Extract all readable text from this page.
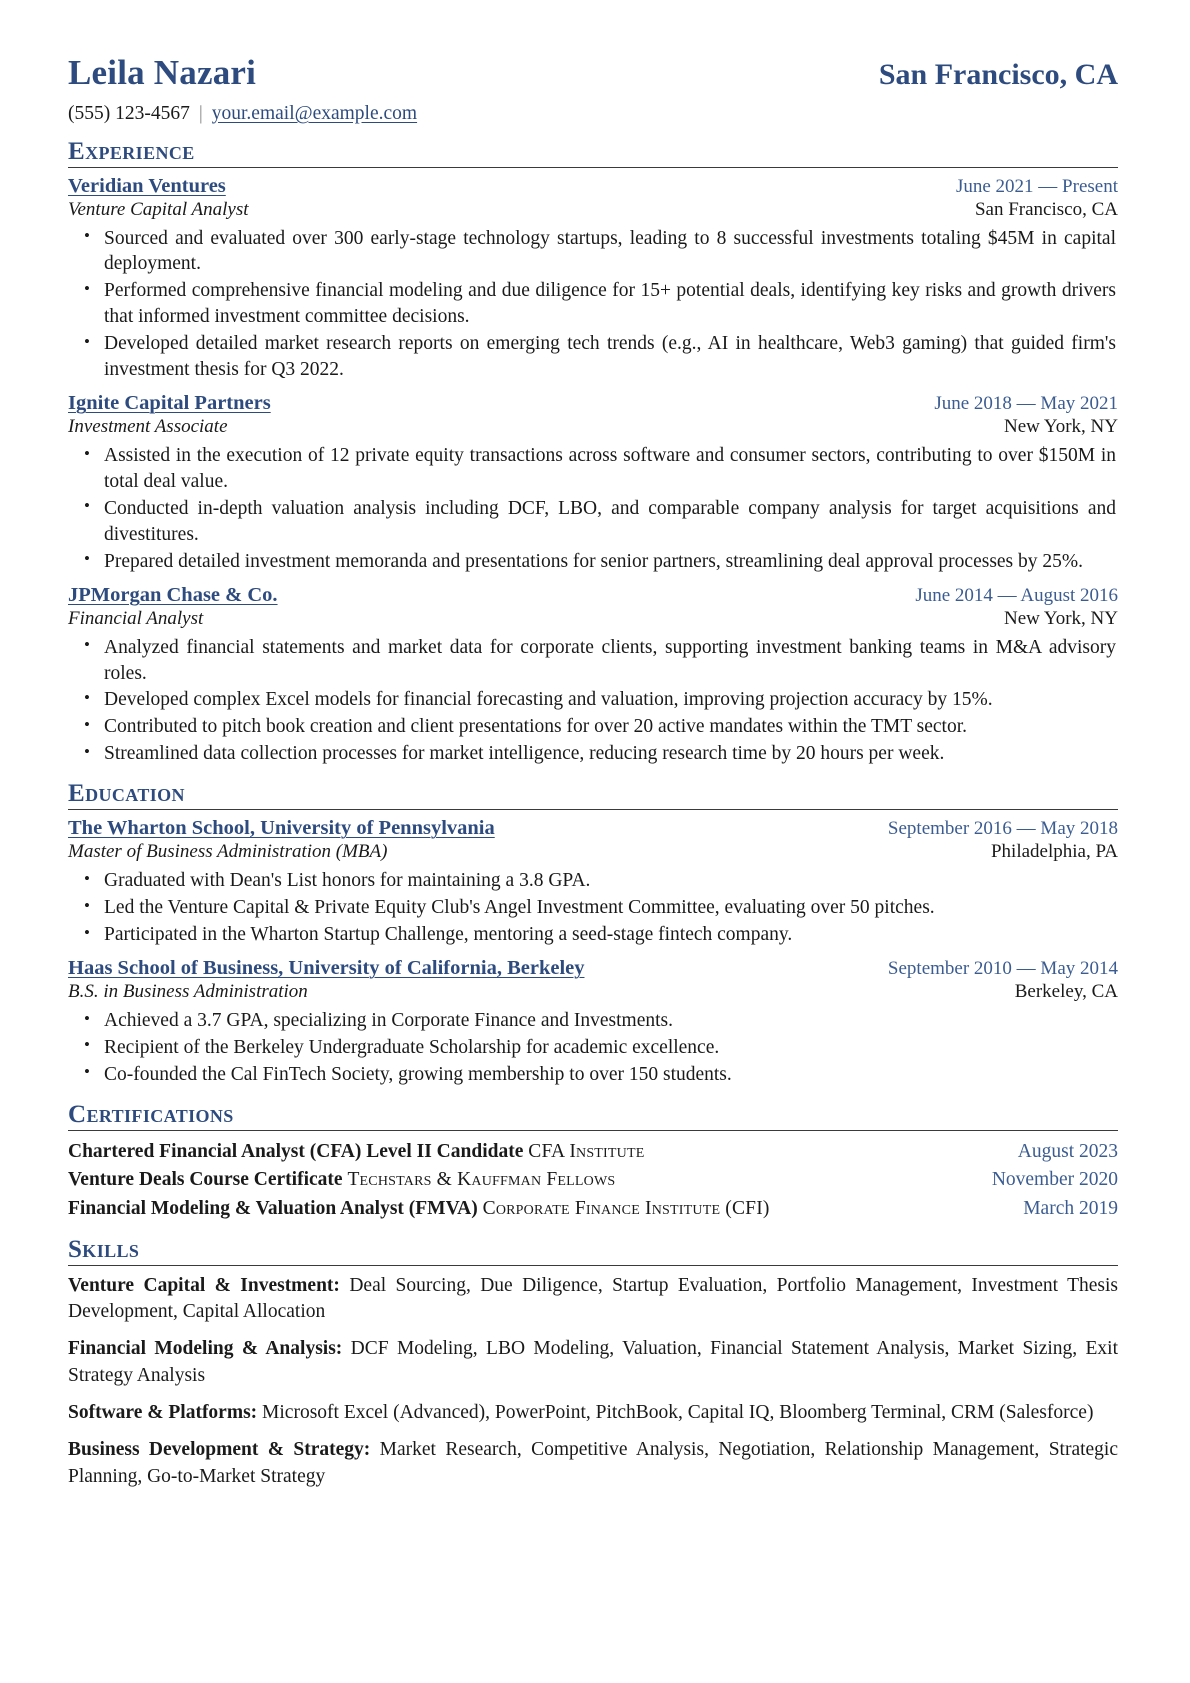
Leila Nazari	San Francisco, CA
(555) 123-4567 | your.email@example.com
Experience
Veridian Ventures	June 2021 — Present
Venture Capital Analyst	San Francisco, CA
• Sourced and evaluated over 300 early-stage technology startups, leading to 8 successful investments totaling $45M in capital deployment.
• Performed comprehensive financial modeling and due diligence for 15+ potential deals, identifying key risks and growth drivers that informed investment committee decisions.
• Developed detailed market research reports on emerging tech trends (e.g., AI in healthcare, Web3 gaming) that guided firm's investment thesis for Q3 2022.
Ignite Capital Partners	June 2018 — May 2021
Investment Associate	New York, NY
• Assisted in the execution of 12 private equity transactions across software and consumer sectors, contributing to over $150M in total deal value.
• Conducted in-depth valuation analysis including DCF, LBO, and comparable company analysis for target acquisitions and divestitures.
• Prepared detailed investment memoranda and presentations for senior partners, streamlining deal approval processes by 25%.
JPMorgan Chase & Co.	June 2014 — August 2016
Financial Analyst	New York, NY
• Analyzed financial statements and market data for corporate clients, supporting investment banking teams in M&A advisory roles.
• Developed complex Excel models for financial forecasting and valuation, improving projection accuracy by 15%.
• Contributed to pitch book creation and client presentations for over 20 active mandates within the TMT sector.
• Streamlined data collection processes for market intelligence, reducing research time by 20 hours per week.
Education
The Wharton School, University of Pennsylvania	September 2016 — May 2018
Master of Business Administration (MBA)	Philadelphia, PA
• Graduated with Dean's List honors for maintaining a 3.8 GPA.
• Led the Venture Capital & Private Equity Club's Angel Investment Committee, evaluating over 50 pitches.
• Participated in the Wharton Startup Challenge, mentoring a seed-stage fintech company.
Haas School of Business, University of California, Berkeley	September 2010 — May 2014
B.S. in Business Administration	Berkeley, CA
• Achieved a 3.7 GPA, specializing in Corporate Finance and Investments.
• Recipient of the Berkeley Undergraduate Scholarship for academic excellence.
• Co-founded the Cal FinTech Society, growing membership to over 150 students.
Certifications
Chartered Financial Analyst (CFA) Level II Candidate CFA Institute	August 2023
Venture Deals Course Certificate Techstars & Kauffman Fellows	November 2020
Financial Modeling & Valuation Analyst (FMVA) Corporate Finance Institute (CFI)	March 2019
Skills
Venture Capital & Investment: Deal Sourcing, Due Diligence, Startup Evaluation, Portfolio Management, Investment Thesis Development, Capital Allocation
Financial Modeling & Analysis: DCF Modeling, LBO Modeling, Valuation, Financial Statement Analysis, Market Sizing, Exit Strategy Analysis
Software & Platforms: Microsoft Excel (Advanced), PowerPoint, PitchBook, Capital IQ, Bloomberg Terminal, CRM (Salesforce)
Business Development & Strategy: Market Research, Competitive Analysis, Negotiation, Relationship Management, Strategic Planning, Go-to-Market Strategy
